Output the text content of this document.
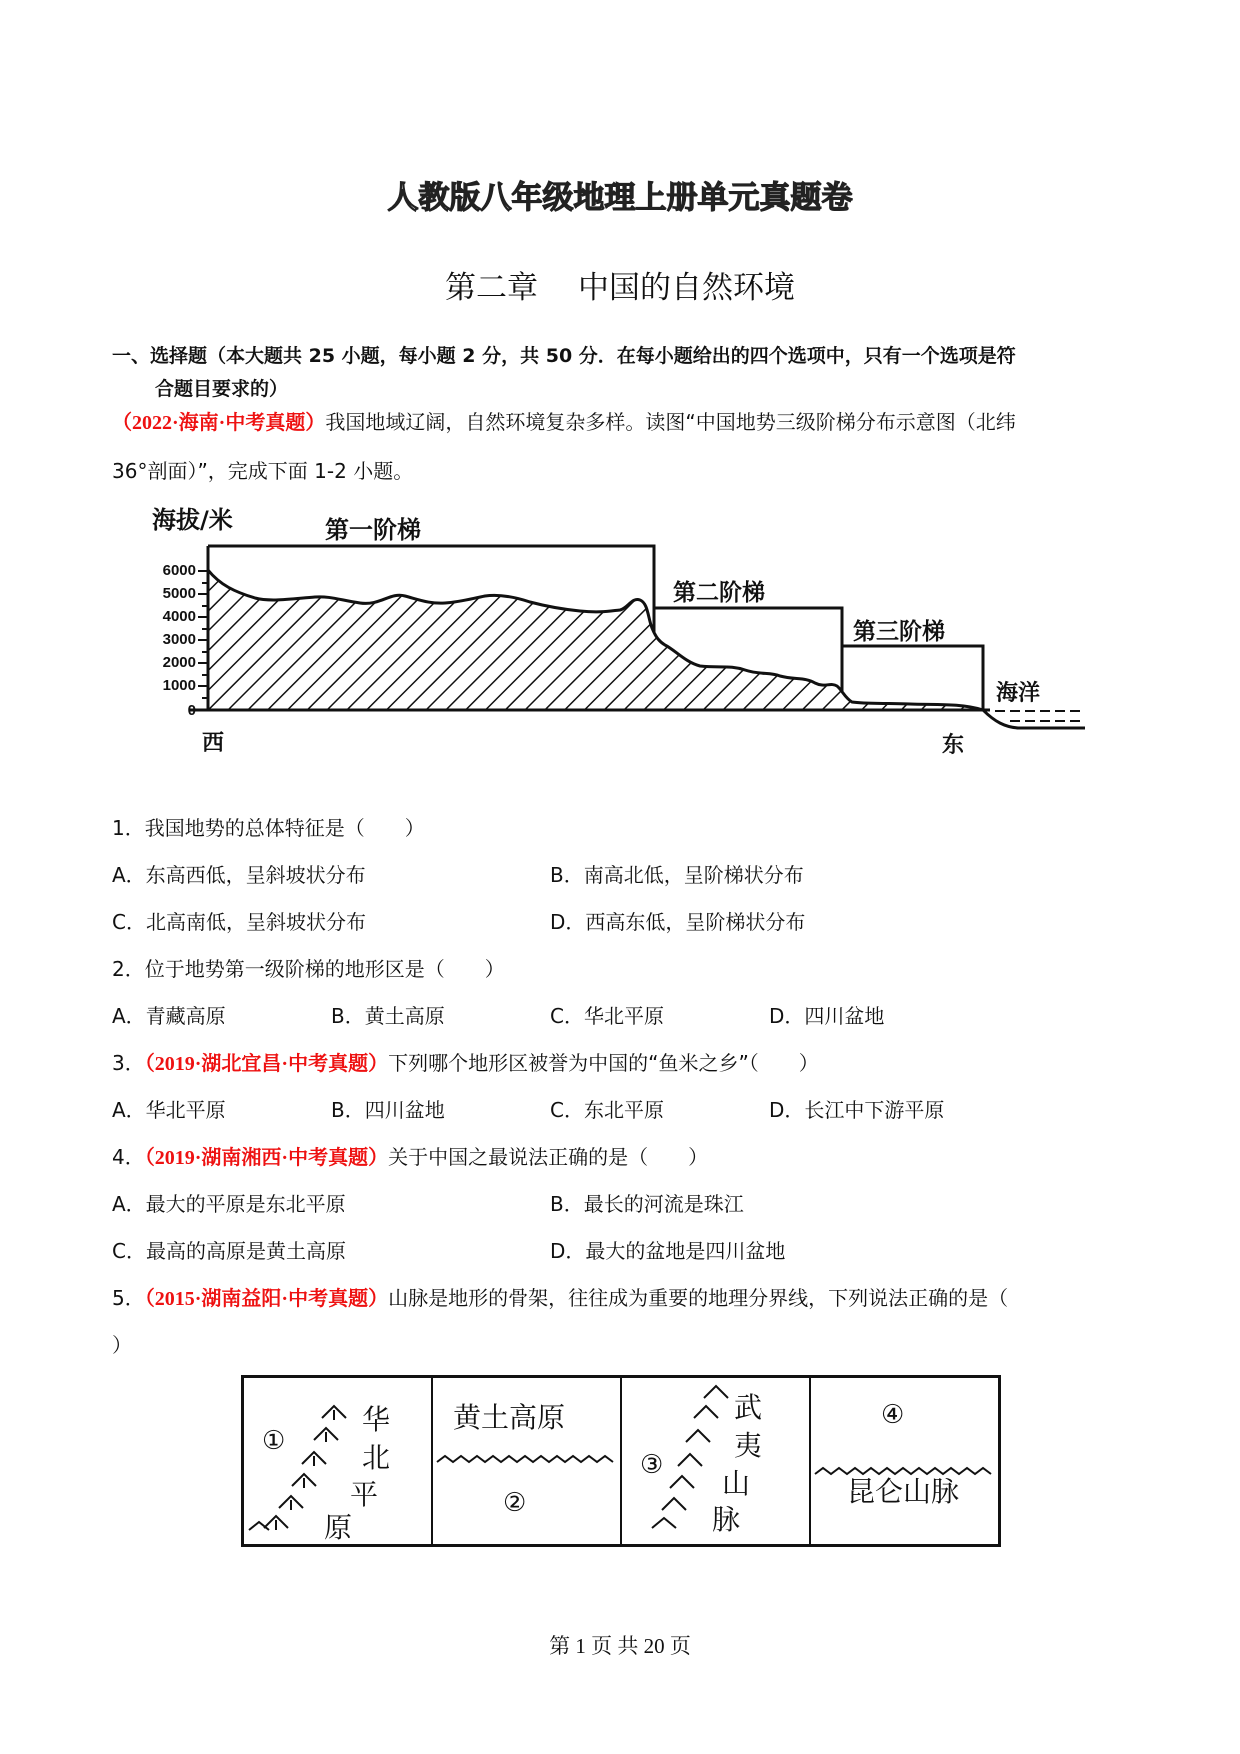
人教版八年级地理上册单元真题卷
第二章 中国的自然环境
一、选择题（本大题共 25 小题，每小题 2 分，共 50 分．在每小题给出的四个选项中，只有一个选项是符
合题目要求的）
（2022·海南·中考真题）我国地域辽阔，自然环境复杂多样。读图“中国地势三级阶梯分布示意图（北纬
36°剖面）”，完成下面 1-2 小题。
6000
5000
4000
3000
2000
1000
0
海拔/米	第一阶梯
第二阶梯
第三阶梯
海洋
西	东
1．我国地势的总体特征是（　　）
A．东高西低，呈斜坡状分布	B．南高北低，呈阶梯状分布
C．北高南低，呈斜坡状分布	D．西高东低，呈阶梯状分布
2．位于地势第一级阶梯的地形区是（　　）
A．青藏高原	B．黄土高原	C．华北平原	D．四川盆地
3．（2019·湖北宜昌·中考真题）下列哪个地形区被誉为中国的“鱼米之乡”（　　）
A．华北平原	B．四川盆地	C．东北平原	D．长江中下游平原
4．（2019·湖南湘西·中考真题）关于中国之最说法正确的是（　　）
A．最大的平原是东北平原	B．最长的河流是珠江
C．最高的高原是黄土高原	D．最大的盆地是四川盆地
5．（2015·湖南益阳·中考真题）山脉是地形的骨架，往往成为重要的地理分界线，下列说法正确的是（
）
①
华
北
平
原
黄土高原
②
③
武
夷
山
脉
④
昆仑山脉
第 1 页 共 20 页
